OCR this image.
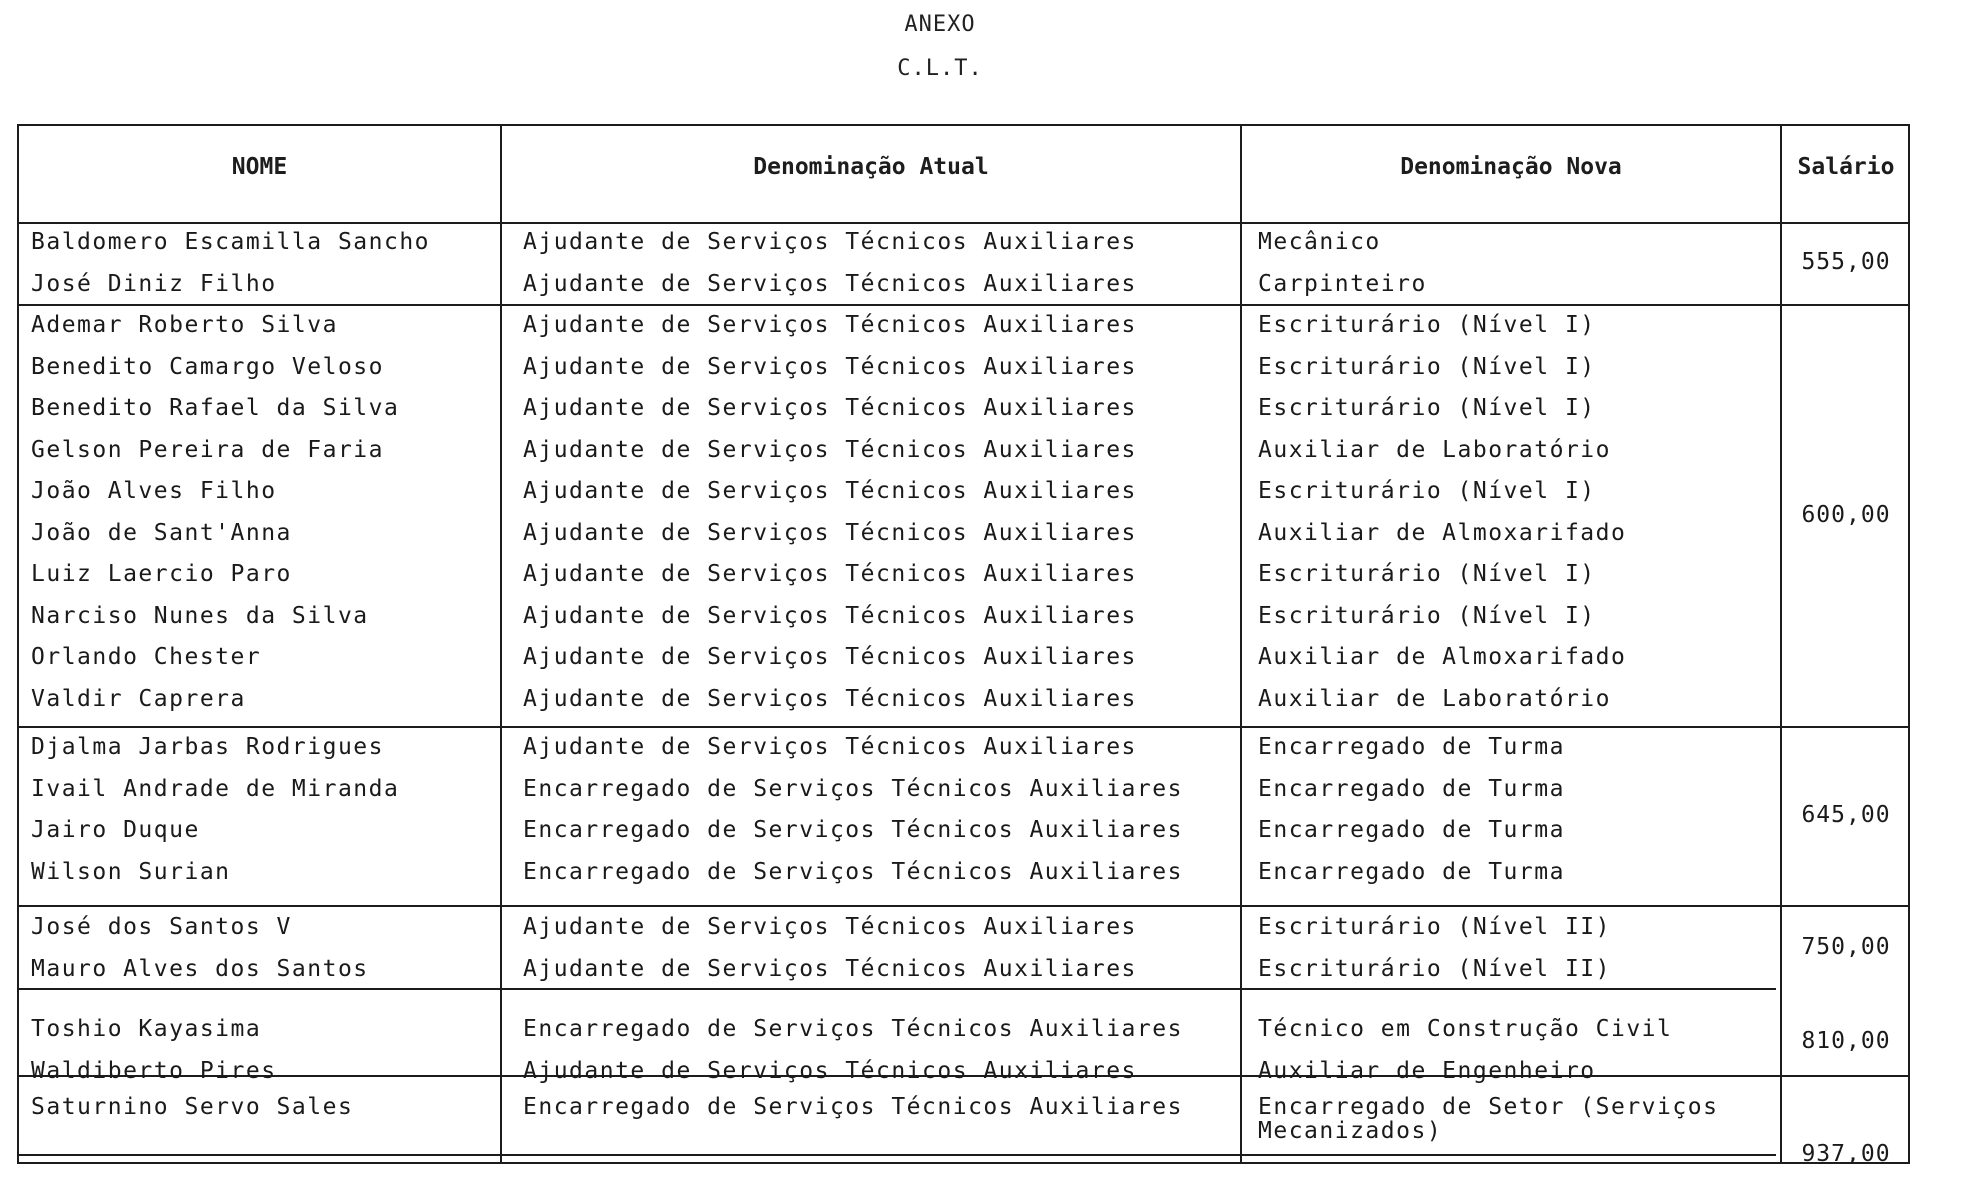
ANEXO
C.L.T.
NOME	Denominação Atual	Denominação Nova	Salário
Baldomero Escamilla Sancho	Ajudante de Serviços Técnicos Auxiliares	Mecânico
José Diniz Filho	Ajudante de Serviços Técnicos Auxiliares	Carpinteiro
555,00
Ademar Roberto Silva	Ajudante de Serviços Técnicos Auxiliares	Escriturário (Nível I)
Benedito Camargo Veloso	Ajudante de Serviços Técnicos Auxiliares	Escriturário (Nível I)
Benedito Rafael da Silva	Ajudante de Serviços Técnicos Auxiliares	Escriturário (Nível I)
Gelson Pereira de Faria	Ajudante de Serviços Técnicos Auxiliares	Auxiliar de Laboratório
João Alves Filho	Ajudante de Serviços Técnicos Auxiliares	Escriturário (Nível I)
João de Sant'Anna	Ajudante de Serviços Técnicos Auxiliares	Auxiliar de Almoxarifado
Luiz Laercio Paro	Ajudante de Serviços Técnicos Auxiliares	Escriturário (Nível I)
Narciso Nunes da Silva	Ajudante de Serviços Técnicos Auxiliares	Escriturário (Nível I)
Orlando Chester	Ajudante de Serviços Técnicos Auxiliares	Auxiliar de Almoxarifado
Valdir Caprera	Ajudante de Serviços Técnicos Auxiliares	Auxiliar de Laboratório
600,00
Djalma Jarbas Rodrigues	Ajudante de Serviços Técnicos Auxiliares	Encarregado de Turma
Ivail Andrade de Miranda	Encarregado de Serviços Técnicos Auxiliares	Encarregado de Turma
Jairo Duque	Encarregado de Serviços Técnicos Auxiliares	Encarregado de Turma
Wilson Surian	Encarregado de Serviços Técnicos Auxiliares	Encarregado de Turma
645,00
José dos Santos V	Ajudante de Serviços Técnicos Auxiliares	Escriturário (Nível II)
Mauro Alves dos Santos	Ajudante de Serviços Técnicos Auxiliares	Escriturário (Nível II)
750,00
Toshio Kayasima	Encarregado de Serviços Técnicos Auxiliares	Técnico em Construção Civil
Waldiberto Pires	Ajudante de Serviços Técnicos Auxiliares	Auxiliar de Engenheiro
810,00
Saturnino Servo Sales	Encarregado de Serviços Técnicos Auxiliares	Encarregado de Setor (Serviços Mecanizados)
937,00
